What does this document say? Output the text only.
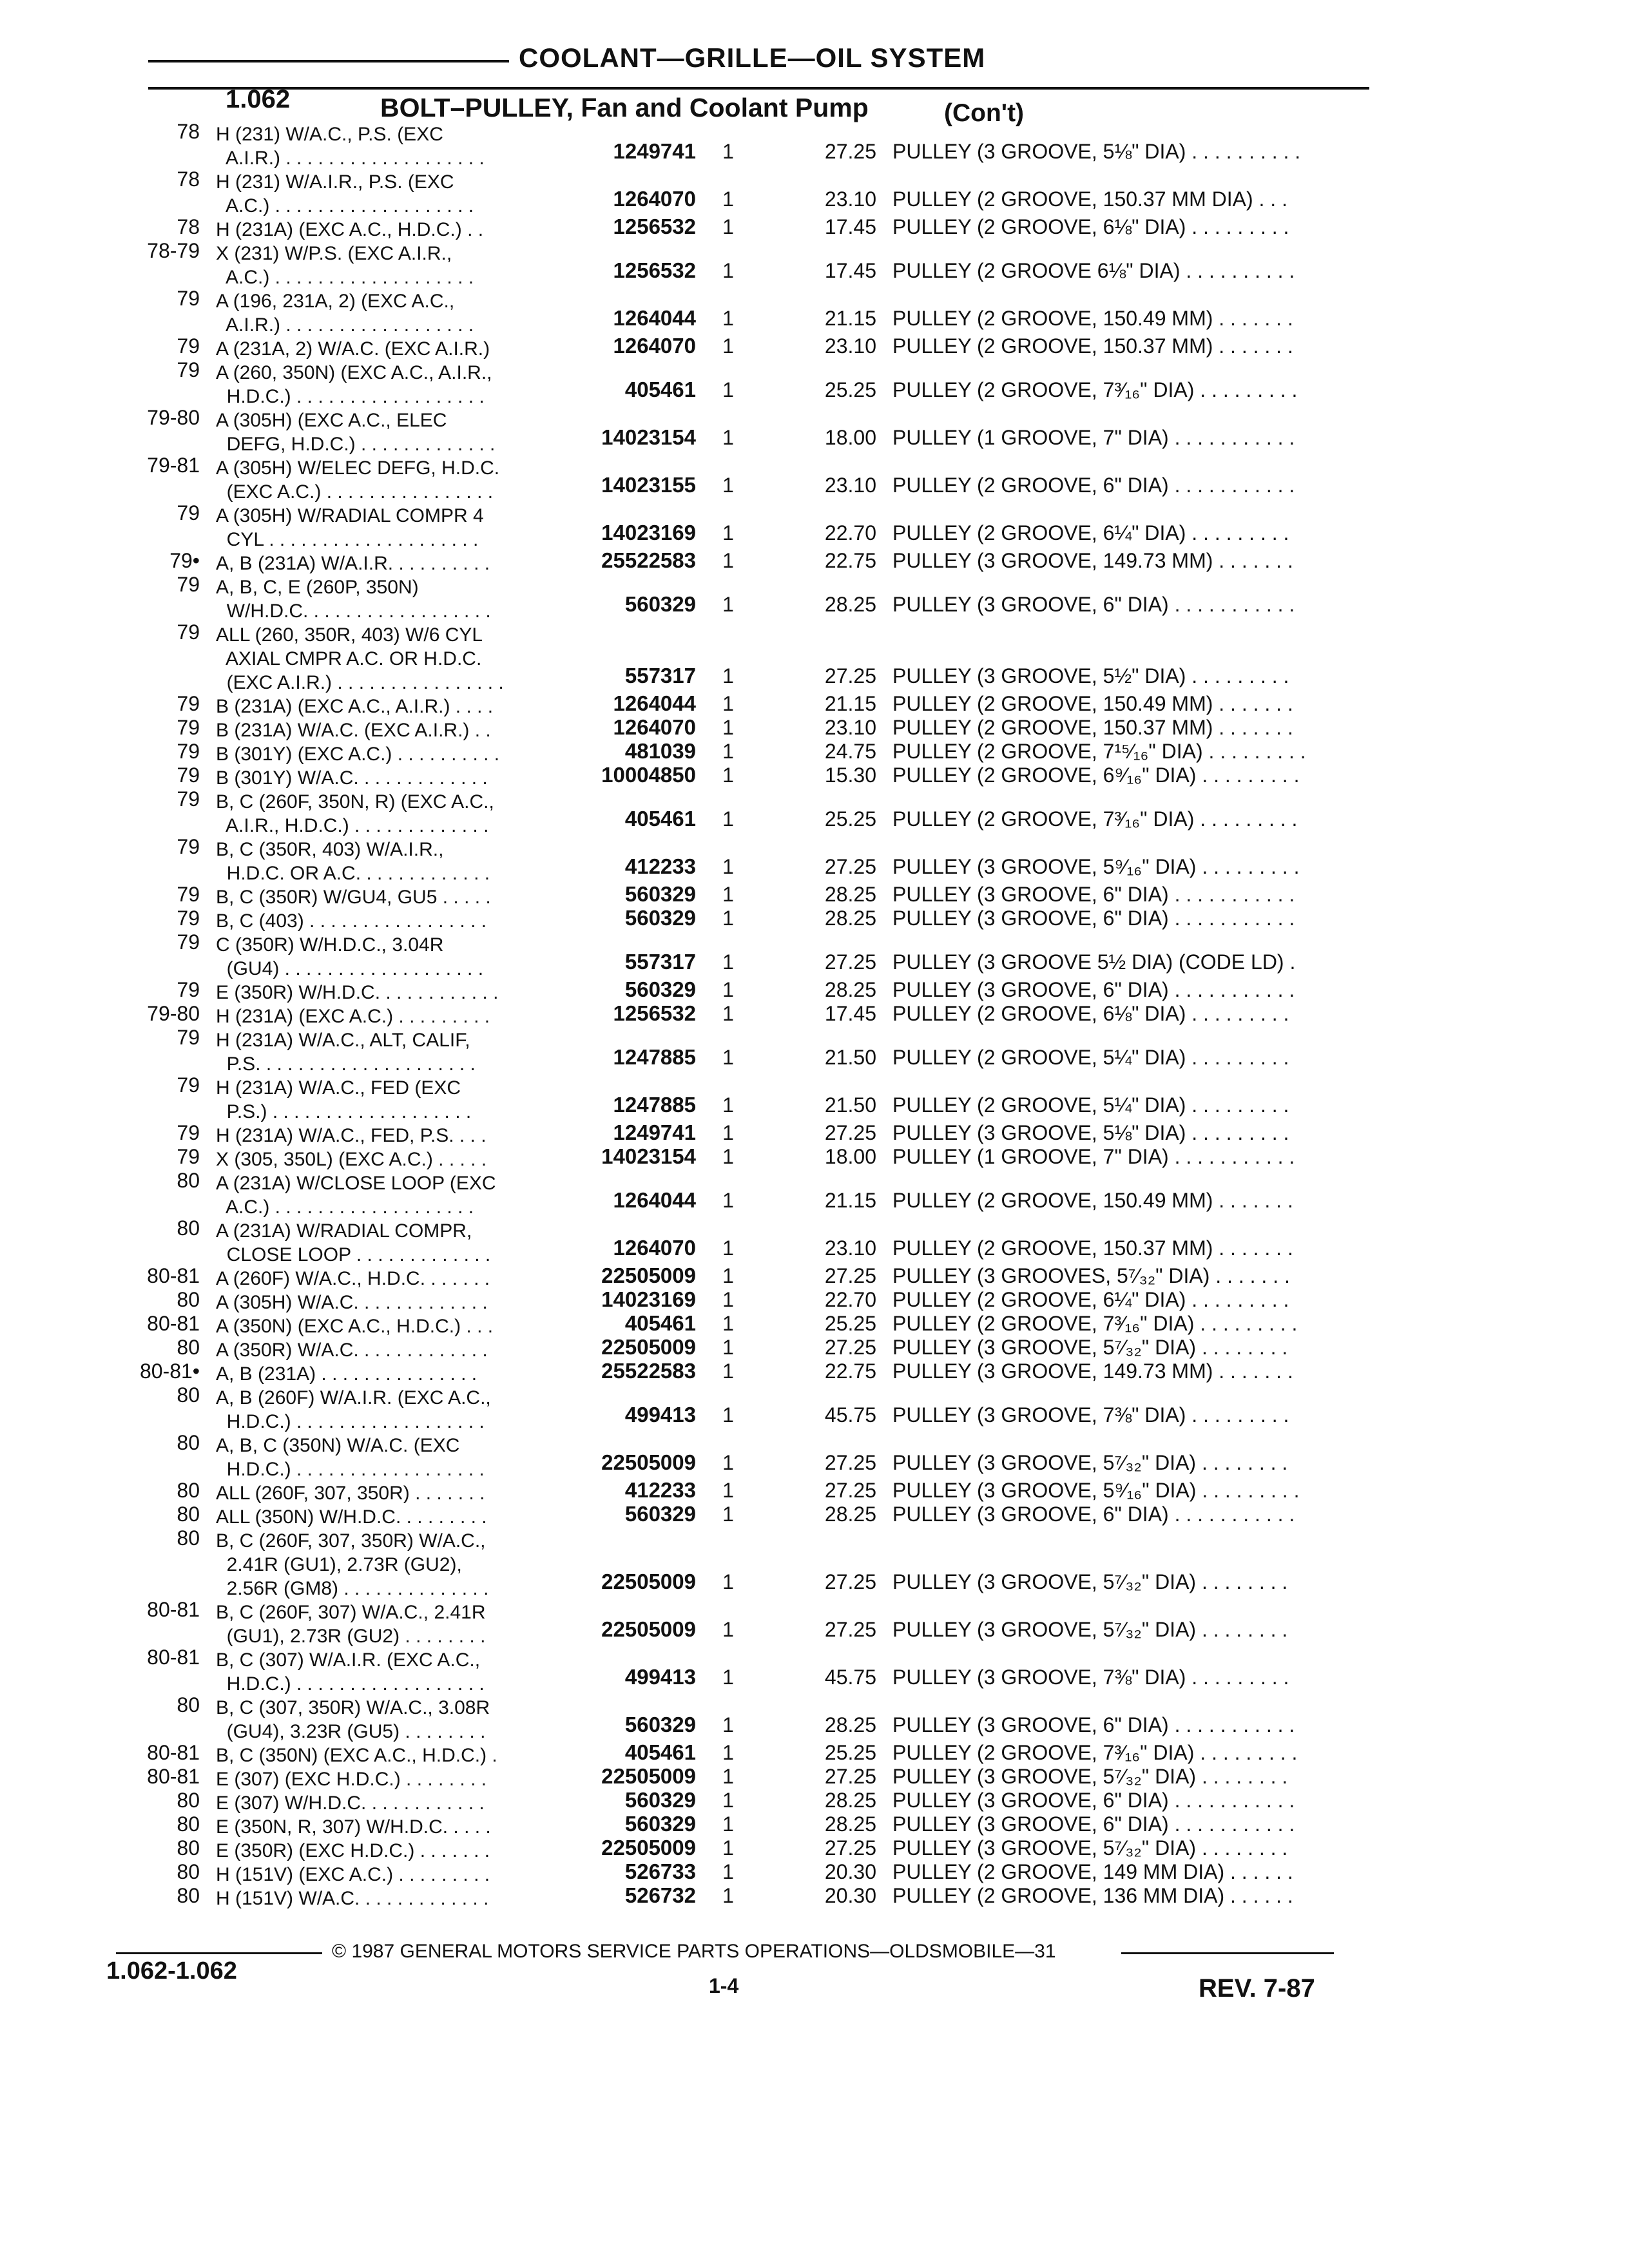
COOLANT—GRILLE—OIL SYSTEM
1.062	BOLT–PULLEY, Fan and Coolant Pump	(Con't)
78 H (231) W/A.C., P.S. (EXC
A.I.R.) . . . . . . . . . . . . . . . . . . .	1249741	1	27.25 PULLEY (3 GROOVE, 5⅛" DIA) . . . . . . . . . .
78 H (231) W/A.I.R., P.S. (EXC
A.C.) . . . . . . . . . . . . . . . . . . .	1264070	1	23.10 PULLEY (2 GROOVE, 150.37 MM DIA) . . .
78 H (231A) (EXC A.C., H.D.C.) . .	1256532	1	17.45 PULLEY (2 GROOVE, 6⅛" DIA) . . . . . . . . .
78-79 X (231) W/P.S. (EXC A.I.R.,
A.C.) . . . . . . . . . . . . . . . . . . .	1256532	1	17.45 PULLEY (2 GROOVE 6⅛" DIA) . . . . . . . . . .
79 A (196, 231A, 2) (EXC A.C.,
A.I.R.) . . . . . . . . . . . . . . . . . .	1264044	1	21.15 PULLEY (2 GROOVE, 150.49 MM) . . . . . . .
79 A (231A, 2) W/A.C. (EXC A.I.R.)	1264070	1	23.10 PULLEY (2 GROOVE, 150.37 MM) . . . . . . .
79 A (260, 350N) (EXC A.C., A.I.R.,
H.D.C.) . . . . . . . . . . . . . . . . . .	405461	1	25.25 PULLEY (2 GROOVE, 7³⁄₁₆" DIA) . . . . . . . . .
79-80 A (305H) (EXC A.C., ELEC
DEFG, H.D.C.) . . . . . . . . . . . . .	14023154	1	18.00 PULLEY (1 GROOVE, 7" DIA) . . . . . . . . . . .
79-81 A (305H) W/ELEC DEFG, H.D.C.
(EXC A.C.) . . . . . . . . . . . . . . . .	14023155	1	23.10 PULLEY (2 GROOVE, 6" DIA) . . . . . . . . . . .
79 A (305H) W/RADIAL COMPR 4
CYL . . . . . . . . . . . . . . . . . . . .	14023169	1	22.70 PULLEY (2 GROOVE, 6¼" DIA) . . . . . . . . .
79• A, B (231A) W/A.I.R. . . . . . . . . .	25522583	1	22.75 PULLEY (3 GROOVE, 149.73 MM) . . . . . . .
79 A, B, C, E (260P, 350N)
W/H.D.C. . . . . . . . . . . . . . . . . .	560329	1	28.25 PULLEY (3 GROOVE, 6" DIA) . . . . . . . . . . .
79 ALL (260, 350R, 403) W/6 CYL
AXIAL CMPR A.C. OR H.D.C.
(EXC A.I.R.) . . . . . . . . . . . . . . . .	557317	1	27.25 PULLEY (3 GROOVE, 5½" DIA) . . . . . . . . .
79 B (231A) (EXC A.C., A.I.R.) . . . .	1264044	1	21.15 PULLEY (2 GROOVE, 150.49 MM) . . . . . . .
79 B (231A) W/A.C. (EXC A.I.R.) . .	1264070	1	23.10 PULLEY (2 GROOVE, 150.37 MM) . . . . . . .
79 B (301Y) (EXC A.C.) . . . . . . . . . .	481039	1	24.75 PULLEY (2 GROOVE, 7¹⁵⁄₁₆" DIA) . . . . . . . . .
79 B (301Y) W/A.C. . . . . . . . . . . . .	10004850	1	15.30 PULLEY (2 GROOVE, 6⁹⁄₁₆" DIA) . . . . . . . . .
79 B, C (260F, 350N, R) (EXC A.C.,
A.I.R., H.D.C.) . . . . . . . . . . . . .	405461	1	25.25 PULLEY (2 GROOVE, 7³⁄₁₆" DIA) . . . . . . . . .
79 B, C (350R, 403) W/A.I.R.,
H.D.C. OR A.C. . . . . . . . . . . . .	412233	1	27.25 PULLEY (3 GROOVE, 5⁹⁄₁₆" DIA) . . . . . . . . .
79 B, C (350R) W/GU4, GU5 . . . . .	560329	1	28.25 PULLEY (3 GROOVE, 6" DIA) . . . . . . . . . . .
79 B, C (403) . . . . . . . . . . . . . . . . .	560329	1	28.25 PULLEY (3 GROOVE, 6" DIA) . . . . . . . . . . .
79 C (350R) W/H.D.C., 3.04R
(GU4) . . . . . . . . . . . . . . . . . . .	557317	1	27.25 PULLEY (3 GROOVE 5½ DIA) (CODE LD) .
79 E (350R) W/H.D.C. . . . . . . . . . . .	560329	1	28.25 PULLEY (3 GROOVE, 6" DIA) . . . . . . . . . . .
79-80 H (231A) (EXC A.C.) . . . . . . . . .	1256532	1	17.45 PULLEY (2 GROOVE, 6⅛" DIA) . . . . . . . . .
79 H (231A) W/A.C., ALT, CALIF,
P.S. . . . . . . . . . . . . . . . . . . . .	1247885	1	21.50 PULLEY (2 GROOVE, 5¼" DIA) . . . . . . . . .
79 H (231A) W/A.C., FED (EXC
P.S.) . . . . . . . . . . . . . . . . . . .	1247885	1	21.50 PULLEY (2 GROOVE, 5¼" DIA) . . . . . . . . .
79 H (231A) W/A.C., FED, P.S. . . .	1249741	1	27.25 PULLEY (3 GROOVE, 5⅛" DIA) . . . . . . . . .
79 X (305, 350L) (EXC A.C.) . . . . .	14023154	1	18.00 PULLEY (1 GROOVE, 7" DIA) . . . . . . . . . . .
80 A (231A) W/CLOSE LOOP (EXC
A.C.) . . . . . . . . . . . . . . . . . . .	1264044	1	21.15 PULLEY (2 GROOVE, 150.49 MM) . . . . . . .
80 A (231A) W/RADIAL COMPR,
CLOSE LOOP . . . . . . . . . . . . .	1264070	1	23.10 PULLEY (2 GROOVE, 150.37 MM) . . . . . . .
80-81 A (260F) W/A.C., H.D.C. . . . . . .	22505009	1	27.25 PULLEY (3 GROOVES, 5⁷⁄₃₂" DIA) . . . . . . .
80 A (305H) W/A.C. . . . . . . . . . . . .	14023169	1	22.70 PULLEY (2 GROOVE, 6¼" DIA) . . . . . . . . .
80-81 A (350N) (EXC A.C., H.D.C.) . . .	405461	1	25.25 PULLEY (2 GROOVE, 7³⁄₁₆" DIA) . . . . . . . . .
80 A (350R) W/A.C. . . . . . . . . . . . .	22505009	1	27.25 PULLEY (3 GROOVE, 5⁷⁄₃₂" DIA) . . . . . . . .
80-81• A, B (231A) . . . . . . . . . . . . . . .	25522583	1	22.75 PULLEY (3 GROOVE, 149.73 MM) . . . . . . .
80 A, B (260F) W/A.I.R. (EXC A.C.,
H.D.C.) . . . . . . . . . . . . . . . . . .	499413	1	45.75 PULLEY (3 GROOVE, 7⅜" DIA) . . . . . . . . .
80 A, B, C (350N) W/A.C. (EXC
H.D.C.) . . . . . . . . . . . . . . . . . .	22505009	1	27.25 PULLEY (3 GROOVE, 5⁷⁄₃₂" DIA) . . . . . . . .
80 ALL (260F, 307, 350R) . . . . . . .	412233	1	27.25 PULLEY (3 GROOVE, 5⁹⁄₁₆" DIA) . . . . . . . . .
80 ALL (350N) W/H.D.C. . . . . . . . .	560329	1	28.25 PULLEY (3 GROOVE, 6" DIA) . . . . . . . . . . .
80 B, C (260F, 307, 350R) W/A.C.,
2.41R (GU1), 2.73R (GU2),
2.56R (GM8) . . . . . . . . . . . . . .	22505009	1	27.25 PULLEY (3 GROOVE, 5⁷⁄₃₂" DIA) . . . . . . . .
80-81 B, C (260F, 307) W/A.C., 2.41R
(GU1), 2.73R (GU2) . . . . . . . .	22505009	1	27.25 PULLEY (3 GROOVE, 5⁷⁄₃₂" DIA) . . . . . . . .
80-81 B, C (307) W/A.I.R. (EXC A.C.,
H.D.C.) . . . . . . . . . . . . . . . . . .	499413	1	45.75 PULLEY (3 GROOVE, 7⅜" DIA) . . . . . . . . .
80 B, C (307, 350R) W/A.C., 3.08R
(GU4), 3.23R (GU5) . . . . . . . .	560329	1	28.25 PULLEY (3 GROOVE, 6" DIA) . . . . . . . . . . .
80-81 B, C (350N) (EXC A.C., H.D.C.) .	405461	1	25.25 PULLEY (2 GROOVE, 7³⁄₁₆" DIA) . . . . . . . . .
80-81 E (307) (EXC H.D.C.) . . . . . . . .	22505009	1	27.25 PULLEY (3 GROOVE, 5⁷⁄₃₂" DIA) . . . . . . . .
80 E (307) W/H.D.C. . . . . . . . . . . .	560329	1	28.25 PULLEY (3 GROOVE, 6" DIA) . . . . . . . . . . .
80 E (350N, R, 307) W/H.D.C. . . . .	560329	1	28.25 PULLEY (3 GROOVE, 6" DIA) . . . . . . . . . . .
80 E (350R) (EXC H.D.C.) . . . . . . .	22505009	1	27.25 PULLEY (3 GROOVE, 5⁷⁄₃₂" DIA) . . . . . . . .
80 H (151V) (EXC A.C.) . . . . . . . . .	526733	1	20.30 PULLEY (2 GROOVE, 149 MM DIA) . . . . . .
80 H (151V) W/A.C. . . . . . . . . . . . .	526732	1	20.30 PULLEY (2 GROOVE, 136 MM DIA) . . . . . .
© 1987 GENERAL MOTORS SERVICE PARTS OPERATIONS—OLDSMOBILE—31
1.062-1.062
1-4	REV. 7-87
